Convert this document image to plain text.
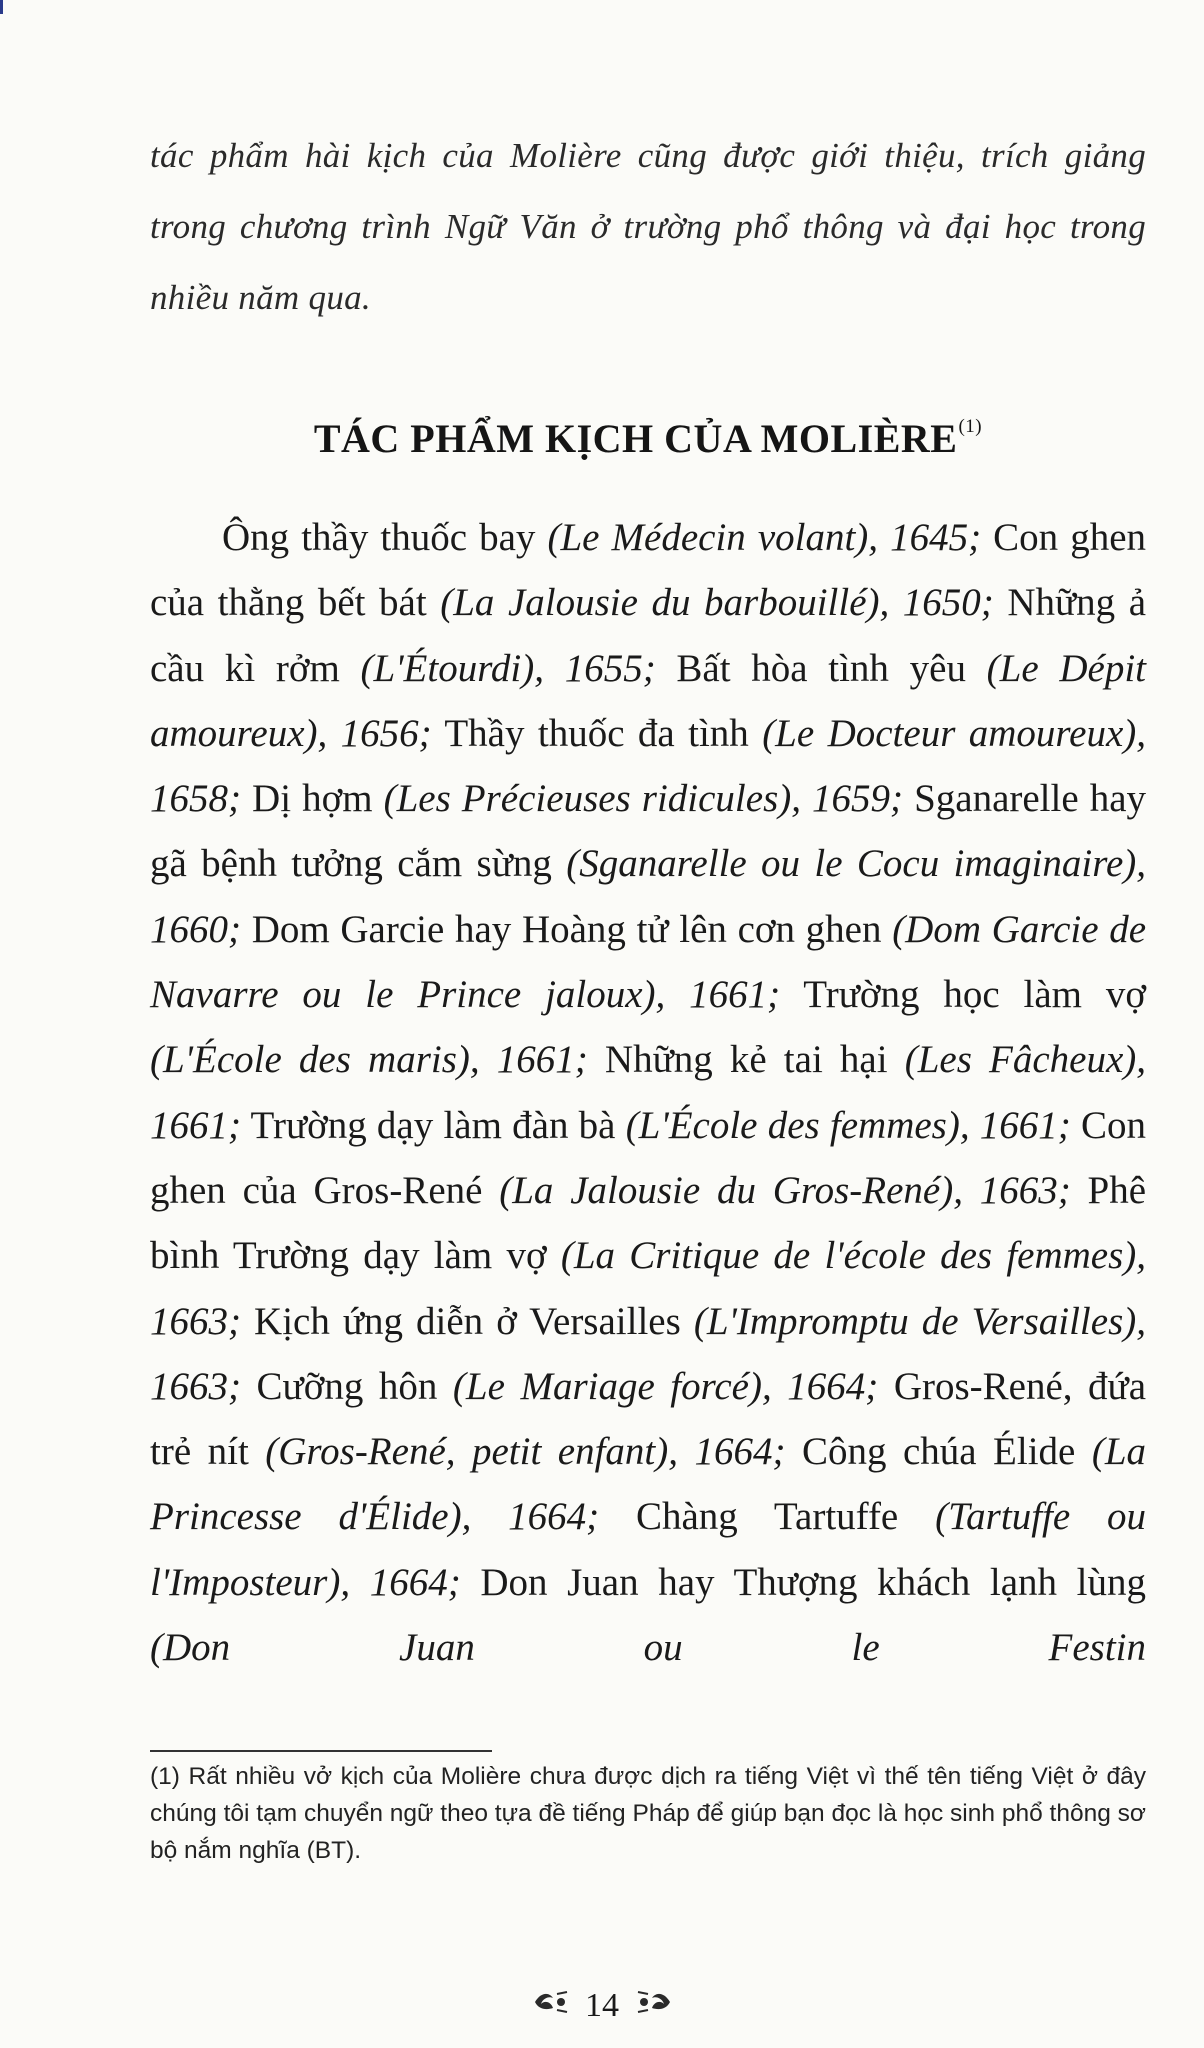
tác phẩm hài kịch của Molière cũng được giới thiệu, trích giảng trong chương trình Ngữ Văn ở trường phổ thông và đại học trong nhiều năm qua.

TÁC PHẨM KỊCH CỦA MOLIÈRE$^{(1)}$

Ông thầy thuốc bay (Le Médecin volant), 1645; Con ghen của thằng bết bát (La Jalousie du barbouillé), 1650; Những ả cầu kì rởm (L'Étourdi), 1655; Bất hòa tình yêu (Le Dépit amoureux), 1656; Thầy thuốc đa tình (Le Docteur amoureux), 1658; Dị hợm (Les Précieuses ridicules), 1659; Sganarelle hay gã bệnh tưởng cắm sừng (Sganarelle ou le Cocu imaginaire), 1660; Dom Garcie hay Hoàng tử lên cơn ghen (Dom Garcie de Navarre ou le Prince jaloux), 1661; Trường học làm vợ (L'École des maris), 1661; Những kẻ tai hại (Les Fâcheux), 1661; Trường dạy làm đàn bà (L'École des femmes), 1661; Con ghen của Gros-René (La Jalousie du Gros-René), 1663; Phê bình Trường dạy làm vợ (La Critique de l'école des femmes), 1663; Kịch ứng diễn ở Versailles (L'Impromptu de Versailles), 1663; Cưỡng hôn (Le Mariage forcé), 1664; Gros-René, đứa trẻ nít (Gros-René, petit enfant), 1664; Công chúa Élide (La Princesse d'Élide), 1664; Chàng Tartuffe (Tartuffe ou l'Imposteur), 1664; Don Juan hay Thượng khách lạnh lùng (Don Juan ou le Festin

(1) Rất nhiều vở kịch của Molière chưa được dịch ra tiếng Việt vì thế tên tiếng Việt ở đây chúng tôi tạm chuyển ngữ theo tựa đề tiếng Pháp để giúp bạn đọc là học sinh phổ thông sơ bộ nắm nghĩa (BT).

14
